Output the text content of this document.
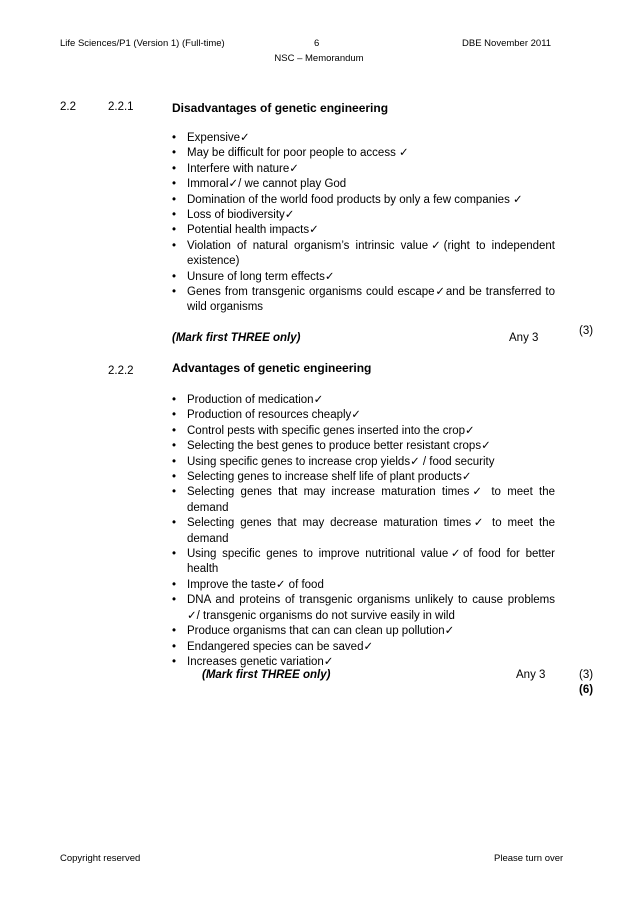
Life Sciences/P1 (Version 1) (Full-time)	6	DBE November 2011
NSC – Memorandum
2.2	2.2.1	Disadvantages of genetic engineering
• Expensive✓
• May be difficult for poor people to access ✓
• Interfere with nature✓
• Immoral✓/ we cannot play God
• Domination of the world food products by only a few companies ✓
• Loss of biodiversity✓
• Potential health impacts✓
• Violation of natural organism’s intrinsic value✓(right to independent existence)
• Unsure of long term effects✓
• Genes from transgenic organisms could escape✓and be transferred to wild organisms
(Mark first THREE only)	Any 3
(3)
2.2.2	Advantages of genetic engineering
• Production of medication✓
• Production of resources cheaply✓
• Control pests with specific genes inserted into the crop✓
• Selecting the best genes to produce better resistant crops✓
• Using specific genes to increase crop yields✓ / food security
• Selecting genes to increase shelf life of plant products✓
• Selecting genes that may increase maturation times✓ to meet the demand
• Selecting genes that may decrease maturation times✓ to meet the demand
• Using specific genes to improve nutritional value✓of food for better health
• Improve the taste✓ of food
• DNA and proteins of transgenic organisms unlikely to cause problems ✓/ transgenic organisms do not survive easily in wild
• Produce organisms that can can clean up pollution✓
• Endangered species can be saved✓
• Increases genetic variation✓
(Mark first THREE only)	Any 3	(3)
(6)
Copyright reserved	Please turn over
